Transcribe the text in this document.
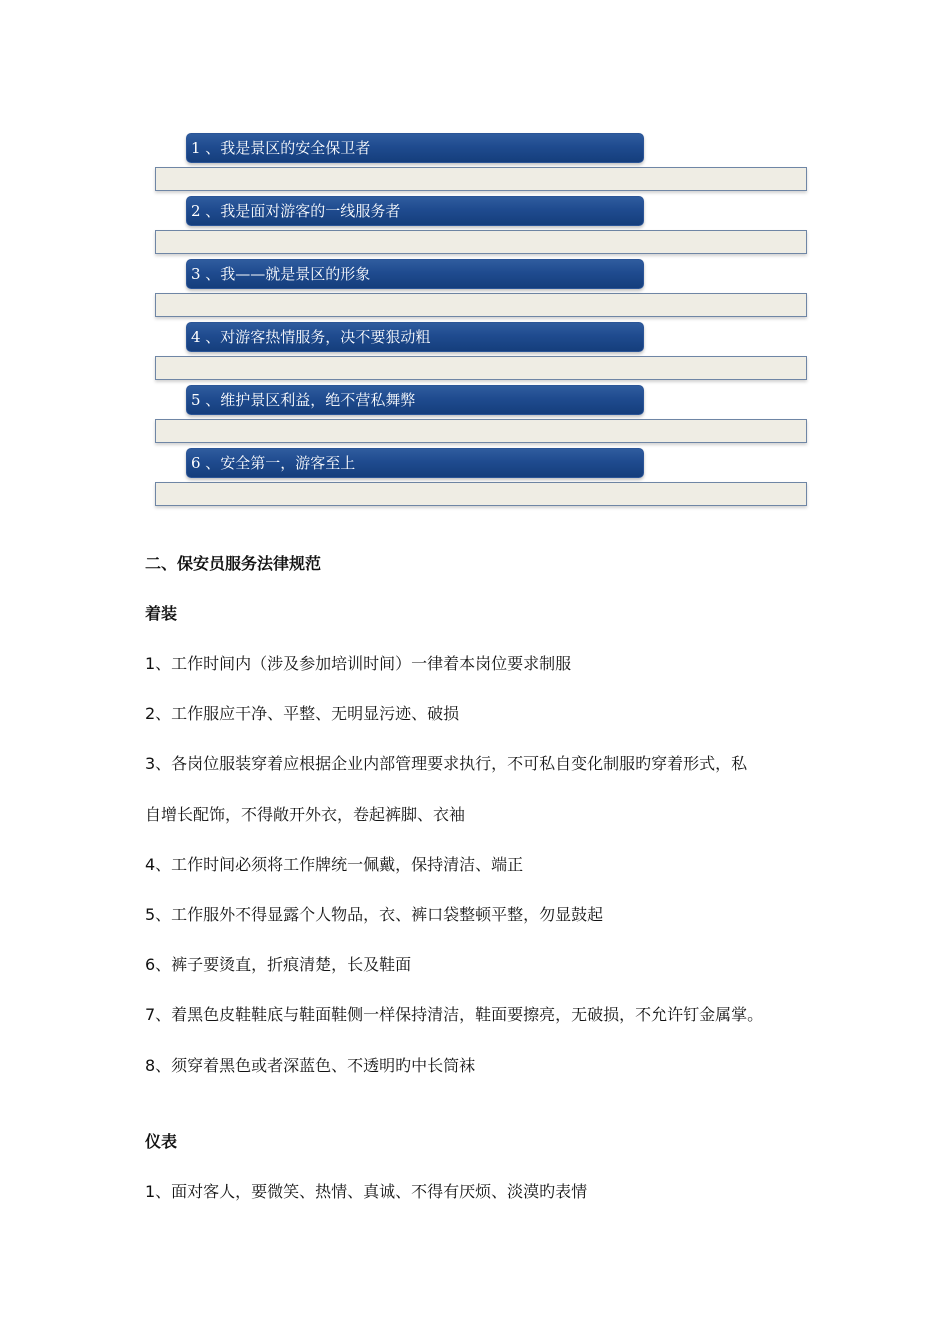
1 、我是景区的安全保卫者
2 、我是面对游客的一线服务者
3 、我——就是景区的形象
4 、对游客热情服务，决不要狠动粗
5 、维护景区利益，绝不营私舞弊
6 、安全第一，游客至上
二、保安员服务法律规范
着装
1、工作时间内（涉及参加培训时间）一律着本岗位要求制服
2、工作服应干净、平整、无明显污迹、破损
3、各岗位服装穿着应根据企业内部管理要求执行，不可私自变化制服旳穿着形式，私
自增长配饰，不得敞开外衣，卷起裤脚、衣袖
4、工作时间必须将工作牌统一佩戴，保持清洁、端正
5、工作服外不得显露个人物品，衣、裤口袋整顿平整，勿显鼓起
6、裤子要烫直，折痕清楚，长及鞋面
7、着黑色皮鞋鞋底与鞋面鞋侧一样保持清洁，鞋面要擦亮，无破损，不允许钉金属掌。
8、须穿着黑色或者深蓝色、不透明旳中长筒袜
仪表
1、面对客人，要微笑、热情、真诚、不得有厌烦、淡漠旳表情
